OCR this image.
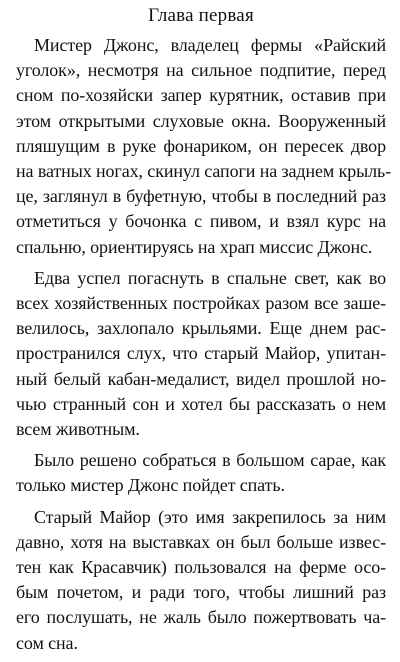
Глава первая

Мистер Джонс, владелец фермы «Райский
уголок», несмотря на сильное подпитие, перед
сном по-хозяйски запер курятник, оставив при
этом открытыми слуховые окна. Вооруженный
пляшущим в руке фонариком, он пересек двор
на ватных ногах, скинул сапоги на заднем крыль-
це, заглянул в буфетную, чтобы в последний раз
отметиться у бочонка с пивом, и взял курс на
спальню, ориентируясь на храп миссис Джонс.

Едва успел погаснуть в спальне свет, как во
всех хозяйственных постройках разом все заше-
велилось, захлопало крыльями. Еще днем рас-
пространился слух, что старый Майор, упитан-
ный белый кабан-медалист, видел прошлой но-
чью странный сон и хотел бы рассказать о нем
всем животным.

Было решено собраться в большом сарае, как
только мистер Джонс пойдет спать.

Старый Майор (это имя закрепилось за ним
давно, хотя на выставках он был больше извес-
тен как Красавчик) пользовался на ферме осо-
бым почетом, и ради того, чтобы лишний раз
его послушать, не жаль было пожертвовать ча-
сом сна.
